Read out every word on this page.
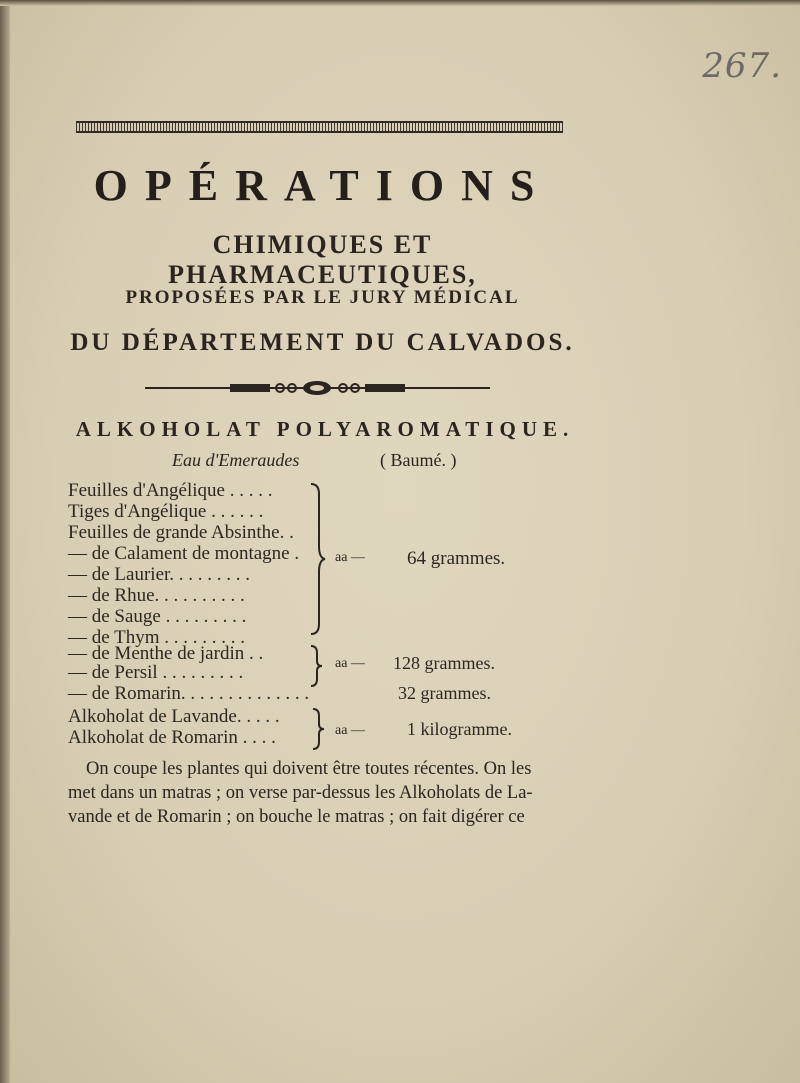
267.
OPÉRATIONS
CHIMIQUES ET PHARMACEUTIQUES,
PROPOSÉES PAR LE JURY MÉDICAL
DU DÉPARTEMENT DU CALVADOS.
ALKOHOLAT POLYAROMATIQUE.
Eau d'Emeraudes	( Baumé. )
Feuilles d'Angélique . . . . .
Tiges d'Angélique . . . . . .
Feuilles de grande Absinthe. .
— de Calament de montagne .
— de Laurier. . . . . . . . .
— de Rhue. . . . . . . . . .
— de Sauge . . . . . . . . .
— de Thym . . . . . . . . .
aa — 64 grammes.
— de Menthe de jardin . .
— de Persil . . . . . . . . .	aa — 128 grammes.
— de Romarin. . . . . . . . . . . . . .	32 grammes.
Alkoholat de Lavande. . . . .
Alkoholat de Romarin . . . .	aa — 1 kilogramme.
On coupe les plantes qui doivent être toutes récentes. On les
met dans un matras ; on verse par-dessus les Alkoholats de La-
vande et de Romarin ; on bouche le matras ; on fait digérer ce
